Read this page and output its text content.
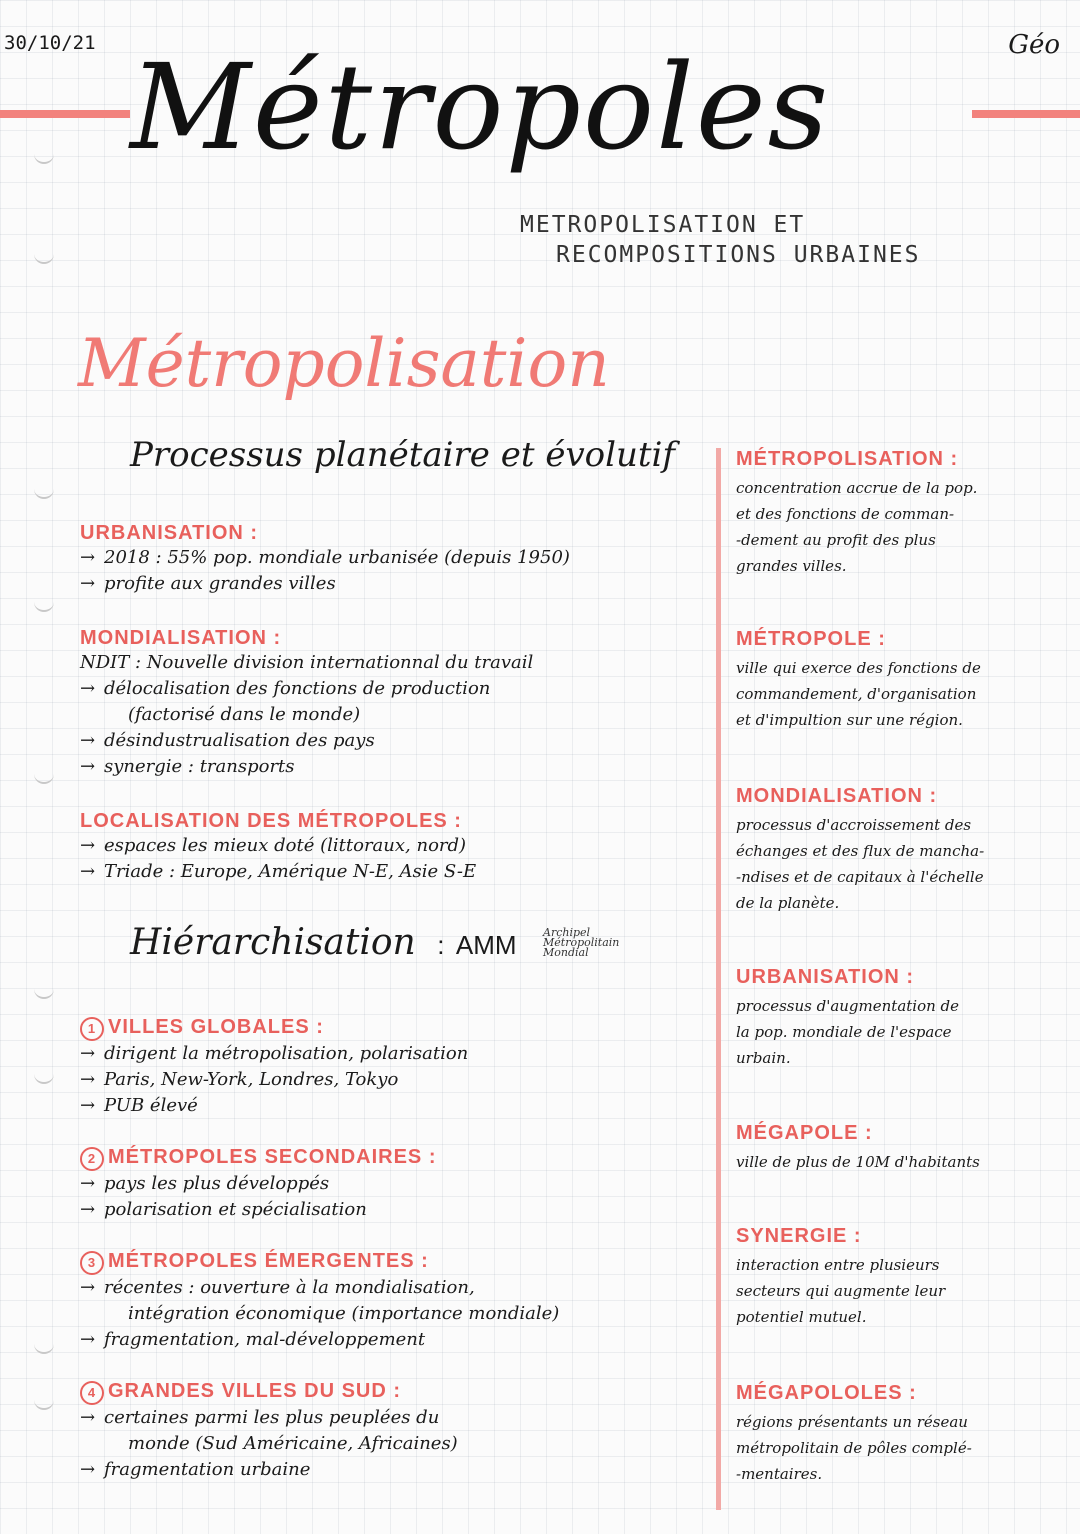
30/10/21	Géo
Métropoles
METROPOLISATION ET
RECOMPOSITIONS URBAINES
Métropolisation
Processus planétaire et évolutif
URBANISATION :
→ 2018 : 55% pop. mondiale urbanisée (depuis 1950)
→ profite aux grandes villes
MONDIALISATION :
NDIT : Nouvelle division internationnal du travail
→ délocalisation des fonctions de production
(factorisé dans le monde)
→ désindustrualisation des pays
→ synergie : transports
LOCALISATION DES MÉTROPOLES :
→ espaces les mieux doté (littoraux, nord)
→ Triade : Europe, Amérique N-E, Asie S-E
Hiérarchisation : AMM Archipel
Métropolitain
Mondial
1 VILLES GLOBALES :
→ dirigent la métropolisation, polarisation
→ Paris, New-York, Londres, Tokyo
→ PUB élevé
2 MÉTROPOLES SECONDAIRES :
→ pays les plus développés
→ polarisation et spécialisation
3 MÉTROPOLES ÉMERGENTES :
→ récentes : ouverture à la mondialisation,
intégration économique (importance mondiale)
→ fragmentation, mal-développement
4 GRANDES VILLES DU SUD :
→ certaines parmi les plus peuplées du
monde (Sud Américaine, Africaines)
→ fragmentation urbaine
MÉTROPOLISATION :
concentration accrue de la pop.
et des fonctions de comman-
-dement au profit des plus
grandes villes.
MÉTROPOLE :
ville qui exerce des fonctions de
commandement, d'organisation
et d'impultion sur une région.
MONDIALISATION :
processus d'accroissement des
échanges et des flux de mancha-
-ndises et de capitaux à l'échelle
de la planète.
URBANISATION :
processus d'augmentation de
la pop. mondiale de l'espace
urbain.
MÉGAPOLE :
ville de plus de 10M d'habitants
SYNERGIE :
interaction entre plusieurs
secteurs qui augmente leur
potentiel mutuel.
MÉGAPOLOLES :
régions présentants un réseau
métropolitain de pôles complé-
-mentaires.
